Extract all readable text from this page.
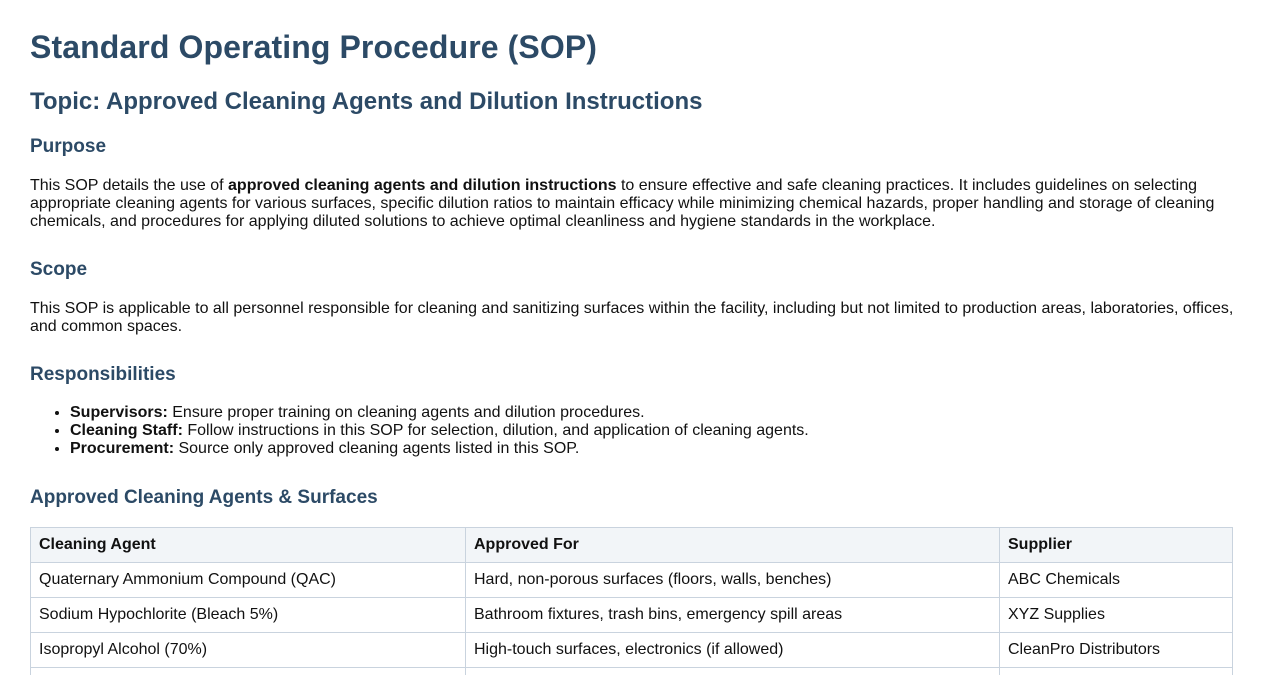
Standard Operating Procedure (SOP)
Topic: Approved Cleaning Agents and Dilution Instructions
Purpose

This SOP details the use of approved cleaning agents and dilution instructions to ensure effective and safe cleaning practices. It includes guidelines on selecting appropriate cleaning agents for various surfaces, specific dilution ratios to maintain efficacy while minimizing chemical hazards, proper handling and storage of cleaning chemicals, and procedures for applying diluted solutions to achieve optimal cleanliness and hygiene standards in the workplace.

Scope

This SOP is applicable to all personnel responsible for cleaning and sanitizing surfaces within the facility, including but not limited to production areas, laboratories, offices, and common spaces.

Responsibilities
• Supervisors: Ensure proper training on cleaning agents and dilution procedures.
• Cleaning Staff: Follow instructions in this SOP for selection, dilution, and application of cleaning agents.
• Procurement: Source only approved cleaning agents listed in this SOP.
Approved Cleaning Agents & Surfaces
Cleaning Agent	Approved For	Supplier
Quaternary Ammonium Compound (QAC)	Hard, non-porous surfaces (floors, walls, benches)	ABC Chemicals
Sodium Hypochlorite (Bleach 5%)	Bathroom fixtures, trash bins, emergency spill areas	XYZ Supplies
Isopropyl Alcohol (70%)	High-touch surfaces, electronics (if allowed)	CleanPro Distributors
